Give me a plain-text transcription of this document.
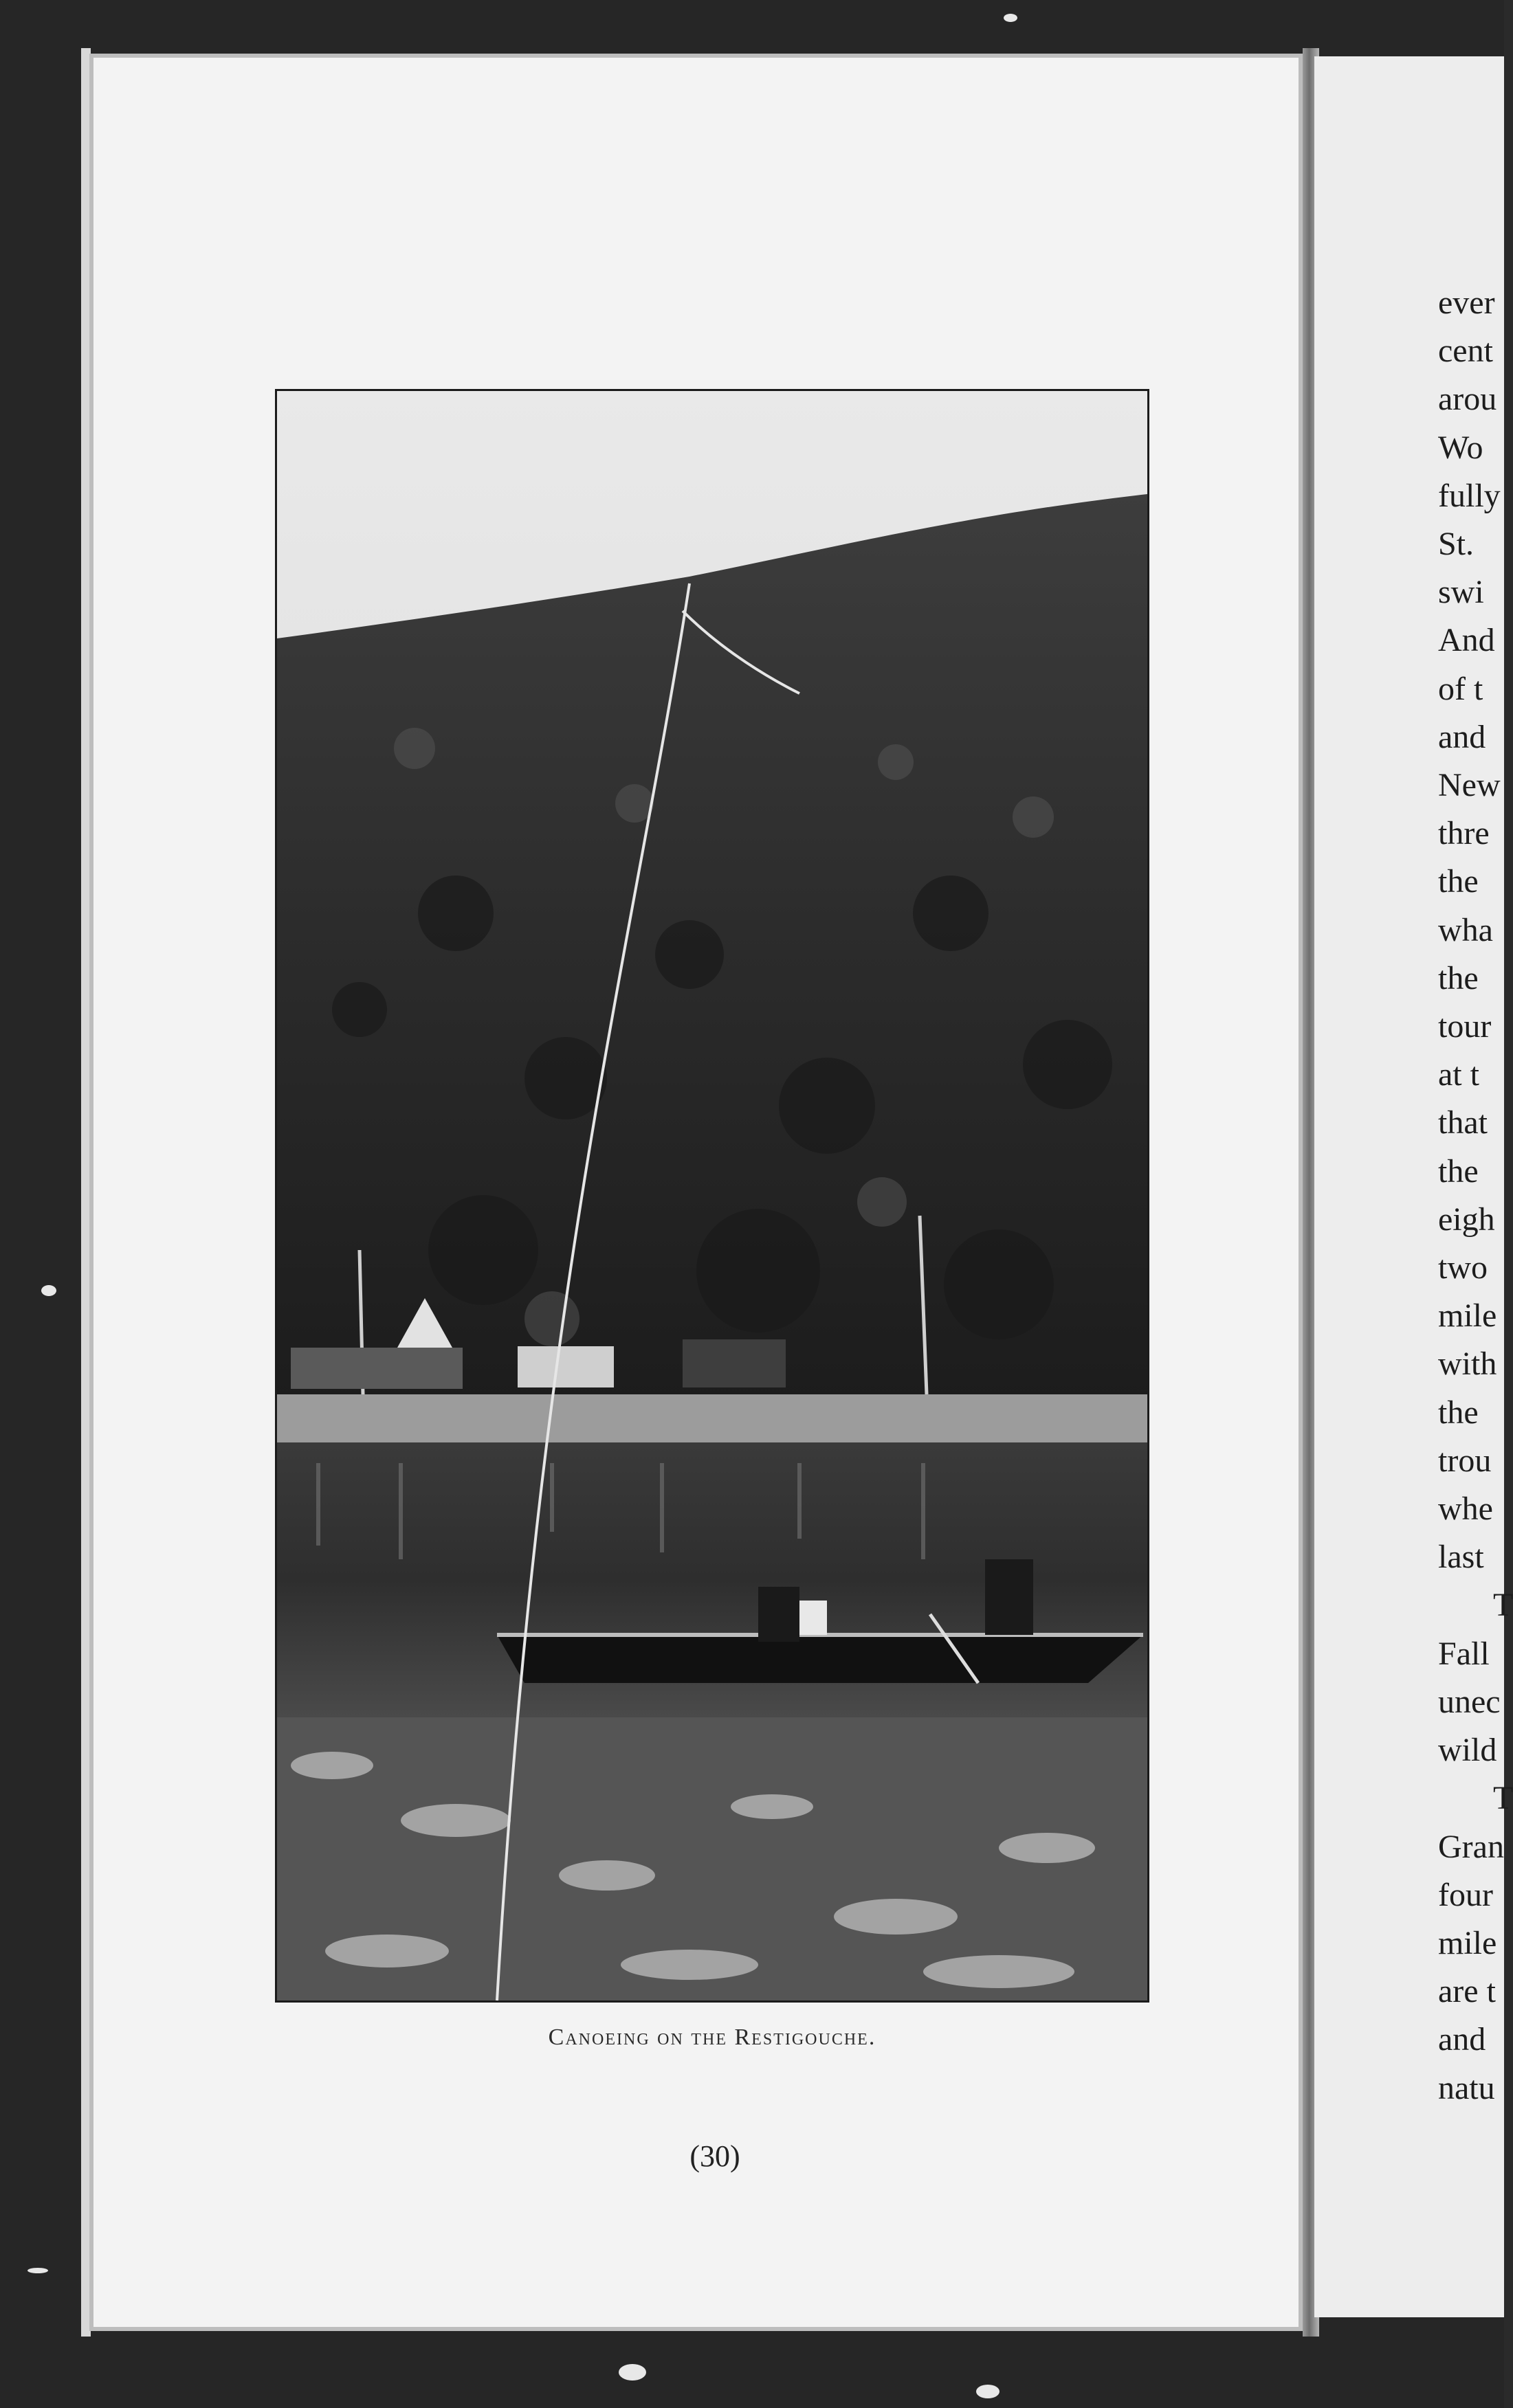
Canoeing on the Restigouche.
(30)
ever
cent
arou
Wo
fully
St.
swi
And
of t
and
New
thre
the
wha
the
tour
at t
that
the
eigh
two
mile
with
the
trou
whe
last
T
Fall
unec
wild
T
Gran
four
mile
are t
and
natu
